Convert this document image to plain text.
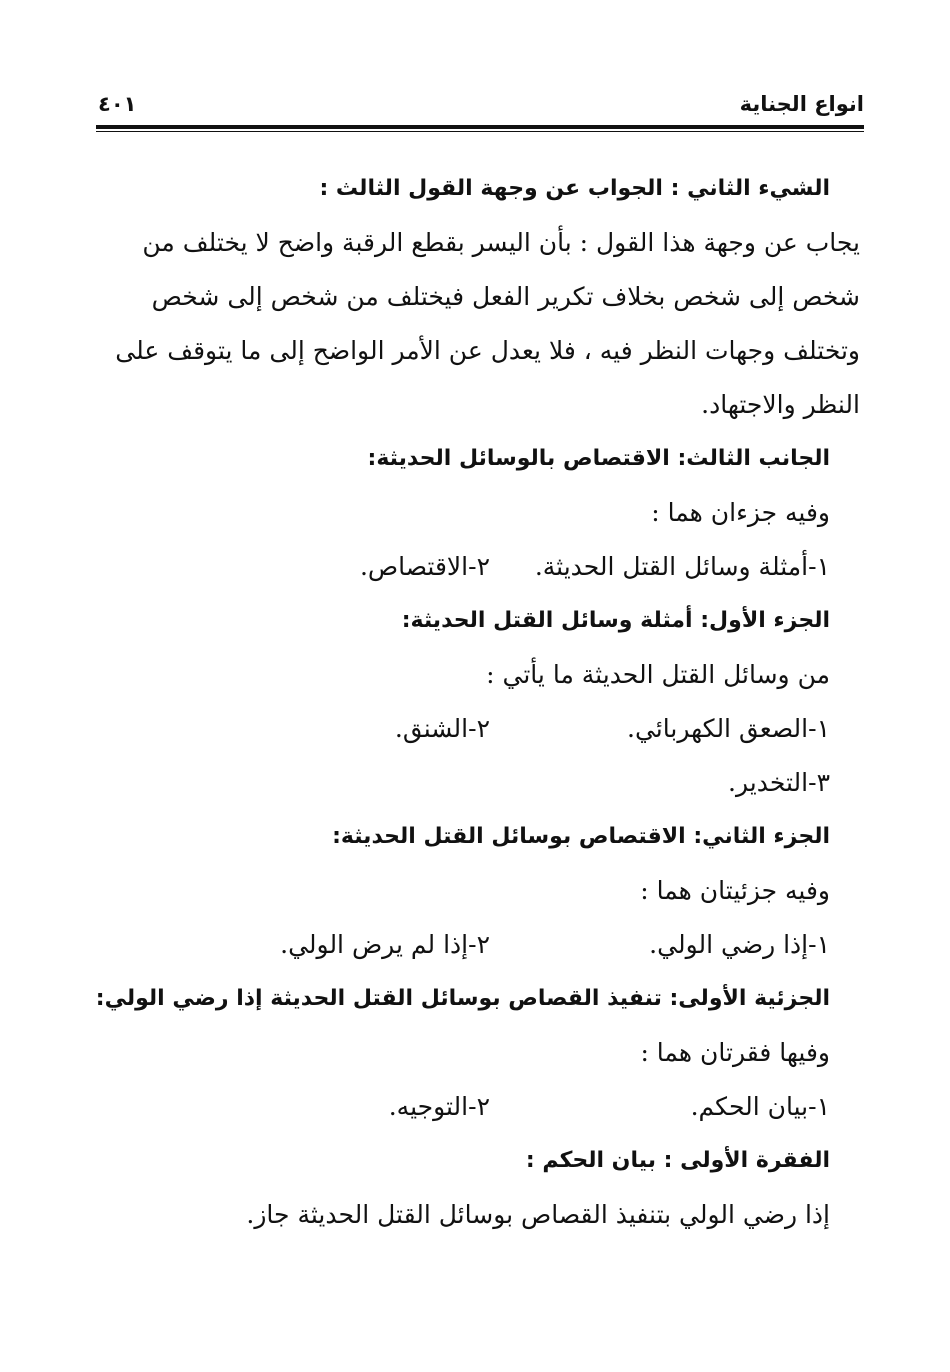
انواع الجناية
٤٠١
الشيء الثاني : الجواب عن وجهة القول الثالث :
يجاب عن وجهة هذا القول : بأن اليسر بقطع الرقبة واضح لا يختلف من
شخص إلى شخص بخلاف تكرير الفعل فيختلف من شخص إلى شخص
وتختلف وجهات النظر فيه ، فلا يعدل عن الأمر الواضح إلى ما يتوقف على
النظر والاجتهاد.
الجانب الثالث: الاقتصاص بالوسائل الحديثة:
وفيه جزءان هما :
١-أمثلة وسائل القتل الحديثة.
٢-الاقتصاص.
الجزء الأول: أمثلة وسائل القتل الحديثة:
من وسائل القتل الحديثة ما يأتي :
١-الصعق الكهربائي.
٢-الشنق.
٣-التخدير.
الجزء الثاني: الاقتصاص بوسائل القتل الحديثة:
وفيه جزئيتان هما :
١-إذا رضي الولي.
٢-إذا لم يرض الولي.
الجزئية الأولى: تنفيذ القصاص بوسائل القتل الحديثة إذا رضي الولي:
وفيها فقرتان هما :
١-بيان الحكم.
٢-التوجيه.
الفقرة الأولى : بيان الحكم :
إذا رضي الولي بتنفيذ القصاص بوسائل القتل الحديثة جاز.
